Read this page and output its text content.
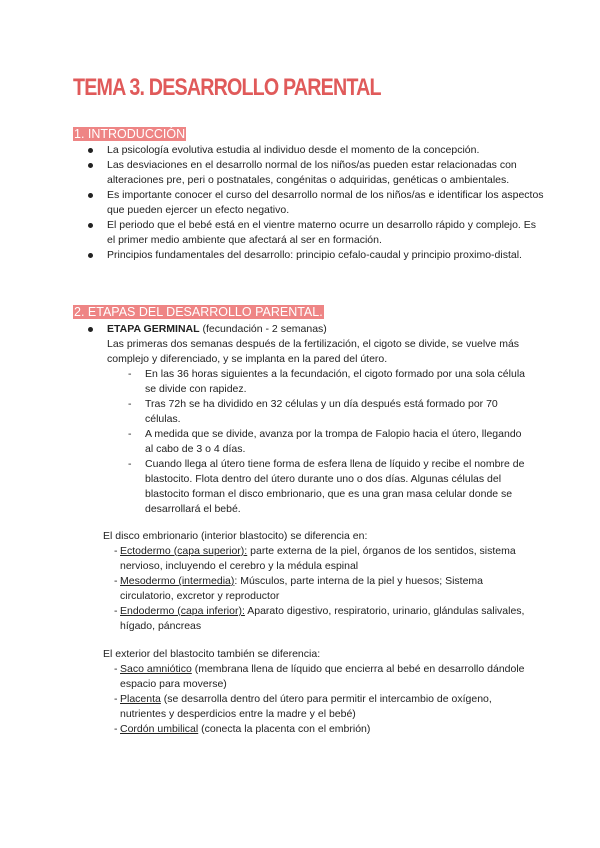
TEMA 3. DESARROLLO PARENTAL
1. INTRODUCCIÓN
La psicología evolutiva estudia al individuo desde el momento de la concepción.
Las desviaciones en el desarrollo normal de los niños/as pueden estar relacionadas con alteraciones pre, peri o postnatales, congénitas o adquiridas, genéticas o ambientales.
Es importante conocer el curso del desarrollo normal de los niños/as e identificar los aspectos que pueden ejercer un efecto negativo.
El periodo que el bebé está en el vientre materno ocurre un desarrollo rápido y complejo. Es el primer medio ambiente que afectará al ser en formación.
Principios fundamentales del desarrollo: principio cefalo-caudal y principio proximo-distal.
2. ETAPAS DEL DESARROLLO PARENTAL.
ETAPA GERMINAL (fecundación - 2 semanas)
Las primeras dos semanas después de la fertilización, el cigoto se divide, se vuelve más complejo y diferenciado, y se implanta en la pared del útero.
- En las 36 horas siguientes a la fecundación, el cigoto formado por una sola célula se divide con rapidez.
- Tras 72h se ha dividido en 32 células y un día después está formado por 70 células.
- A medida que se divide, avanza por la trompa de Falopio hacia el útero, llegando al cabo de 3 o 4 días.
- Cuando llega al útero tiene forma de esfera llena de líquido y recibe el nombre de blastocito. Flota dentro del útero durante uno o dos días. Algunas células del blastocito forman el disco embrionario, que es una gran masa celular donde se desarrollará el bebé.
El disco embrionario (interior blastocito) se diferencia en:
- Ectodermo (capa superior): parte externa de la piel, órganos de los sentidos, sistema nervioso, incluyendo el cerebro y la médula espinal
- Mesodermo (intermedia): Músculos, parte interna de la piel y huesos; Sistema circulatorio, excretor y reproductor
- Endodermo (capa inferior): Aparato digestivo, respiratorio, urinario, glándulas salivales, hígado, páncreas
El exterior del blastocito también se diferencia:
- Saco amniótico (membrana llena de líquido que encierra al bebé en desarrollo dándole espacio para moverse)
- Placenta (se desarrolla dentro del útero para permitir el intercambio de oxígeno, nutrientes y desperdicios entre la madre y el bebé)
- Cordón umbilical (conecta la placenta con el embrión)
